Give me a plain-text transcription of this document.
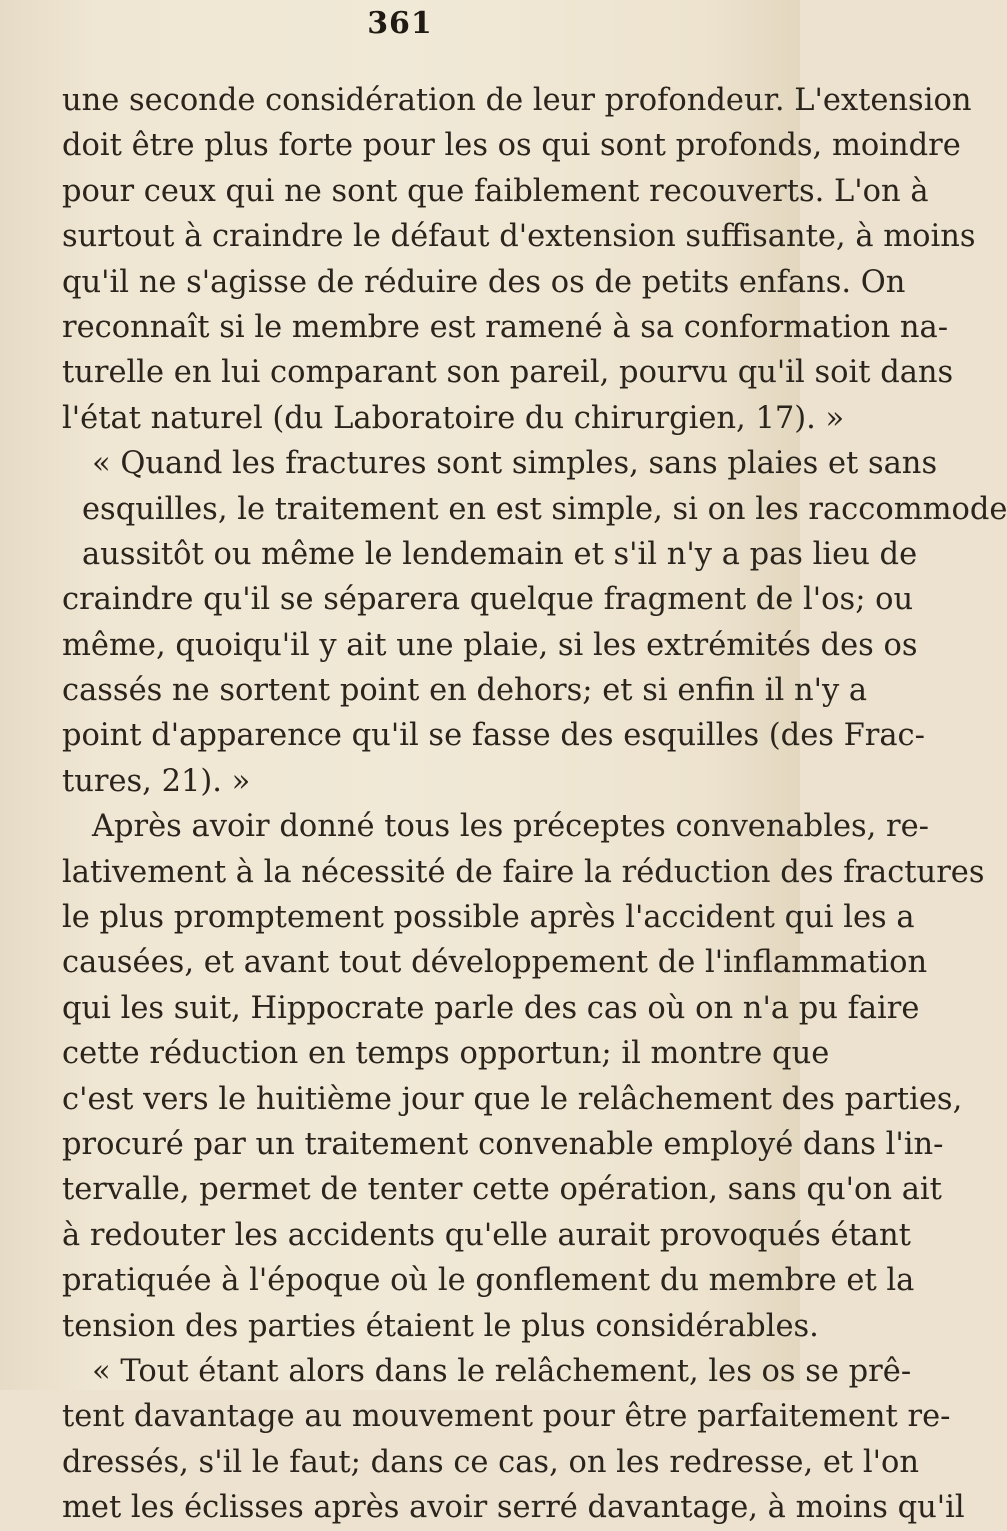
361
une seconde considération de leur profondeur. L'extension
doit être plus forte pour les os qui sont profonds, moindre
pour ceux qui ne sont que faiblement recouverts. L'on à
surtout à craindre le défaut d'extension suffisante, à moins
qu'il ne s'agisse de réduire des os de petits enfans. On
reconnaît si le membre est ramené à sa conformation na-
turelle en lui comparant son pareil, pourvu qu'il soit dans
l'état naturel (du Laboratoire du chirurgien, 17). »
« Quand les fractures sont simples, sans plaies et sans
esquilles, le traitement en est simple, si on les raccommode
aussitôt ou même le lendemain et s'il n'y a pas lieu de
craindre qu'il se séparera quelque fragment de l'os; ou
même, quoiqu'il y ait une plaie, si les extrémités des os
cassés ne sortent point en dehors; et si enfin il n'y a
point d'apparence qu'il se fasse des esquilles (des Frac-
tures, 21). »
Après avoir donné tous les préceptes convenables, re-
lativement à la nécessité de faire la réduction des fractures
le plus promptement possible après l'accident qui les a
causées, et avant tout développement de l'inflammation
qui les suit, Hippocrate parle des cas où on n'a pu faire
cette réduction en temps opportun; il montre que
c'est vers le huitième jour que le relâchement des parties,
procuré par un traitement convenable employé dans l'in-
tervalle, permet de tenter cette opération, sans qu'on ait
à redouter les accidents qu'elle aurait provoqués étant
pratiquée à l'époque où le gonflement du membre et la
tension des parties étaient le plus considérables.
« Tout étant alors dans le relâchement, les os se prê-
tent davantage au mouvement pour être parfaitement re-
dressés, s'il le faut; dans ce cas, on les redresse, et l'on
met les éclisses après avoir serré davantage, à moins qu'il
